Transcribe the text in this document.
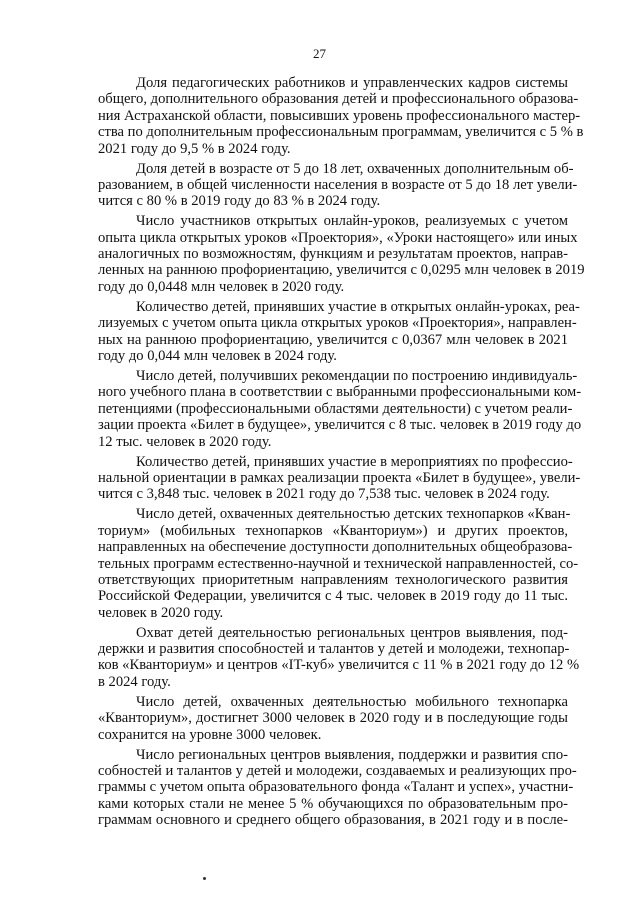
27
Доля педагогических работников и управленческих кадров системы
общего, дополнительного образования детей и профессионального образова-
ния Астраханской области, повысивших уровень профессионального мастер-
ства по дополнительным профессиональным программам, увеличится с 5 % в
2021 году до 9,5 % в 2024 году.
Доля детей в возрасте от 5 до 18 лет, охваченных дополнительным об-
разованием, в общей численности населения в возрасте от 5 до 18 лет увели-
чится с 80 % в 2019 году до 83 % в 2024 году.
Число участников открытых онлайн-уроков, реализуемых с учетом
опыта цикла открытых уроков «Проектория», «Уроки настоящего» или иных
аналогичных по возможностям, функциям и результатам проектов, направ-
ленных на раннюю профориентацию, увеличится с 0,0295 млн человек в 2019
году до 0,0448 млн человек в 2020 году.
Количество детей, принявших участие в открытых онлайн-уроках, реа-
лизуемых с учетом опыта цикла открытых уроков «Проектория», направлен-
ных на раннюю профориентацию, увеличится с 0,0367 млн человек в 2021
году до 0,044 млн человек в 2024 году.
Число детей, получивших рекомендации по построению индивидуаль-
ного учебного плана в соответствии с выбранными профессиональными ком-
петенциями (профессиональными областями деятельности) с учетом реали-
зации проекта «Билет в будущее», увеличится с 8 тыс. человек в 2019 году до
12 тыс. человек в 2020 году.
Количество детей, принявших участие в мероприятиях по профессио-
нальной ориентации в рамках реализации проекта «Билет в будущее», увели-
чится с 3,848 тыс. человек в 2021 году до 7,538 тыс. человек в 2024 году.
Число детей, охваченных деятельностью детских технопарков «Кван-
ториум» (мобильных технопарков «Кванториум») и других проектов,
направленных на обеспечение доступности дополнительных общеобразова-
тельных программ естественно-научной и технической направленностей, со-
ответствующих приоритетным направлениям технологического развития
Российской Федерации, увеличится с 4 тыс. человек в 2019 году до 11 тыс.
человек в 2020 году.
Охват детей деятельностью региональных центров выявления, под-
держки и развития способностей и талантов у детей и молодежи, технопар-
ков «Кванториум» и центров «IT-куб» увеличится с 11 % в 2021 году до 12 %
в 2024 году.
Число детей, охваченных деятельностью мобильного технопарка
«Кванториум», достигнет 3000 человек в 2020 году и в последующие годы
сохранится на уровне 3000 человек.
Число региональных центров выявления, поддержки и развития спо-
собностей и талантов у детей и молодежи, создаваемых и реализующих про-
граммы с учетом опыта образовательного фонда «Талант и успех», участни-
ками которых стали не менее 5 % обучающихся по образовательным про-
граммам основного и среднего общего образования, в 2021 году и в после-
